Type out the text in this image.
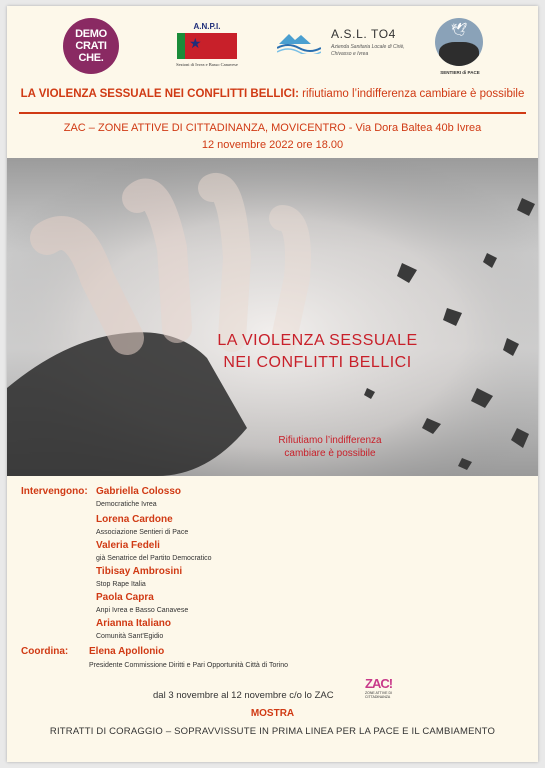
DEMO CRATI CHE.
A.N.P.I.
★
Sezioni di Ivrea e Basso Canavese
A.S.L. TO4
Azienda Sanitaria Locale di Ciriè, Chivasso e Ivrea
🕊
SENTIERI di PACE
LA VIOLENZA SESSUALE NEI CONFLITTI BELLICI: rifiutiamo l’indifferenza cambiare è possibile
ZAC – ZONE ATTIVE DI CITTADINANZA, MOVICENTRO - Via Dora Baltea 40b Ivrea
12 novembre 2022 ore 18.00
LA VIOLENZA SESSUALE
NEI CONFLITTI BELLICI
Rifiutiamo l’indifferenza
cambiare è possibile
Intervengono: Gabriella Colosso
Democratiche Ivrea
Lorena Cardone
Associazione Sentieri di Pace
Valeria Fedeli
già Senatrice del Partito Democratico
Tibisay Ambrosini
Stop Rape Italia
Paola Capra
Anpi Ivrea e Basso Canavese
Arianna Italiano
Comunità Sant’Egidio
Coordina: Elena Apollonio
Presidente Commissione Diritti e Pari Opportunità Città di Torino
ZAC!
ZONE ATTIVE DI CITTADINANZA
dal 3 novembre al 12 novembre c/o lo ZAC
MOSTRA
RITRATTI DI CORAGGIO – SOPRAVVISSUTE IN PRIMA LINEA PER LA PACE E IL CAMBIAMENTO
